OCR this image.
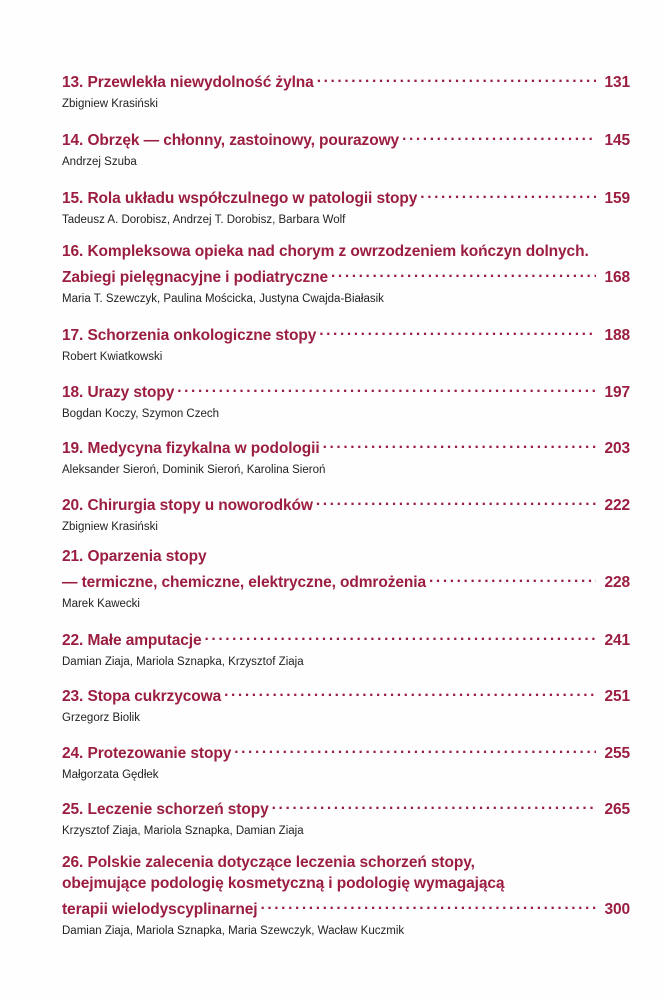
13. Przewlekła niewydolność żylna .....	131
Zbigniew Krasiński
14. Obrzęk — chłonny, zastoinowy, pourazowy .....	145
Andrzej Szuba
15. Rola układu współczulnego w patologii stopy .....	159
Tadeusz A. Dorobisz, Andrzej T. Dorobisz, Barbara Wolf
16. Kompleksowa opieka nad chorym z owrzodzeniem kończyn dolnych.
Zabiegi pielęgnacyjne i podiatryczne .....	168
Maria T. Szewczyk, Paulina Mościcka, Justyna Cwajda-Białasik
17. Schorzenia onkologiczne stopy .....	188
Robert Kwiatkowski
18. Urazy stopy .....	197
Bogdan Koczy, Szymon Czech
19. Medycyna fizykalna w podologii .....	203
Aleksander Sieroń, Dominik Sieroń, Karolina Sieroń
20. Chirurgia stopy u noworodków .....	222
Zbigniew Krasiński
21. Oparzenia stopy
— termiczne, chemiczne, elektryczne, odmrożenia .....	228
Marek Kawecki
22. Małe amputacje .....	241
Damian Ziaja, Mariola Sznapka, Krzysztof Ziaja
23. Stopa cukrzycowa .....	251
Grzegorz Biolik
24. Protezowanie stopy .....	255
Małgorzata Gędłek
25. Leczenie schorzeń stopy .....	265
Krzysztof Ziaja, Mariola Sznapka, Damian Ziaja
26. Polskie zalecenia dotyczące leczenia schorzeń stopy,
obejmujące podologię kosmetyczną i podologię wymagającą
terapii wielodyscyplinarnej .....	300
Damian Ziaja, Mariola Sznapka, Maria Szewczyk, Wacław Kuczmik
